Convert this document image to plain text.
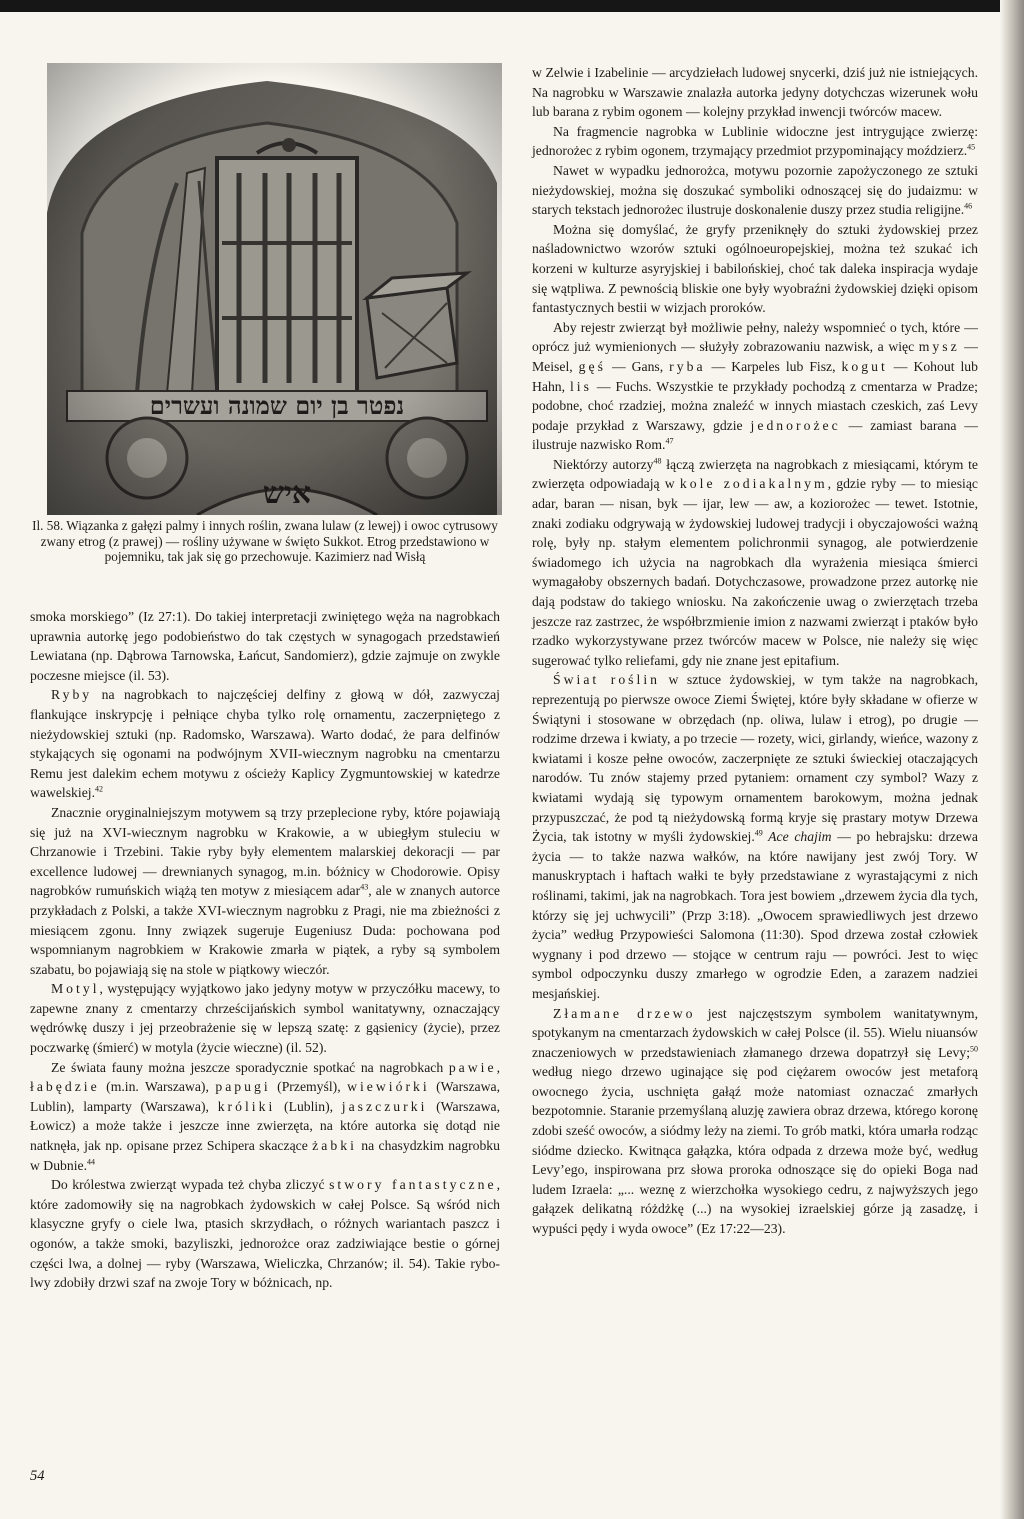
Il. 58. Wiązanka z gałęzi palmy i innych roślin, zwana lulaw (z lewej) i owoc cytrusowy zwany etrog (z prawej) — rośliny używane w święto Sukkot. Etrog przedstawiono w pojemniku, tak jak się go przechowuje. Kazimierz nad Wisłą

smoka morskiego” (Iz 27:1). Do takiej interpretacji zwiniętego węża na nagrobkach uprawnia autorkę jego podobieństwo do tak częstych w synagogach przedstawień Lewiatana (np. Dąbrowa Tarnowska, Łańcut, Sandomierz), gdzie zajmuje on zwykle poczesne miejsce (il. 53).

Ryby na nagrobkach to najczęściej delfiny z głową w dół, zazwyczaj flankujące inskrypcję i pełniące chyba tylko rolę ornamentu, zaczerpniętego z nieżydowskiej sztuki (np. Radomsko, Warszawa). Warto dodać, że para delfinów stykających się ogonami na podwójnym XVII-wiecznym nagrobku na cmentarzu Remu jest dalekim echem motywu z ościeży Kaplicy Zygmuntowskiej w katedrze wawelskiej.$^{42}$

Znacznie oryginalniejszym motywem są trzy przeplecione ryby, które pojawiają się już na XVI-wiecznym nagrobku w Krakowie, a w ubiegłym stuleciu w Chrzanowie i Trzebini. Takie ryby były elementem malarskiej dekoracji — par excellence ludowej — drewnianych synagog, m.in. bóżnicy w Chodorowie. Opisy nagrobków rumuńskich wiążą ten motyw z miesiącem adar$^{43}$, ale w znanych autorce przykładach z Polski, a także XVI-wiecznym nagrobku z Pragi, nie ma zbieżności z miesiącem zgonu. Inny związek sugeruje Eugeniusz Duda: pochowana pod wspomnianym nagrobkiem w Krakowie zmarła w piątek, a ryby są symbolem szabatu, bo pojawiają się na stole w piątkowy wieczór.

Motyl, występujący wyjątkowo jako jedyny motyw w przyczółku macewy, to zapewne znany z cmentarzy chrześcijańskich symbol wanitatywny, oznaczający wędrówkę duszy i jej przeobrażenie się w lepszą szatę: z gąsienicy (życie), przez poczwarkę (śmierć) w motyla (życie wieczne) (il. 52).

Ze świata fauny można jeszcze sporadycznie spotkać na nagrobkach pawie, łabędzie (m.in. Warszawa), papugi (Przemyśl), wiewiórki (Warszawa, Lublin), lamparty (Warszawa), króliki (Lublin), jaszczurki (Warszawa, Łowicz) a może także i jeszcze inne zwierzęta, na które autorka się dotąd nie natknęła, jak np. opisane przez Schipera skaczące żabki na chasydzkim nagrobku w Dubnie.$^{44}$

Do królestwa zwierząt wypada też chyba zliczyć stwory fantastyczne, które zadomowiły się na nagrobkach żydowskich w całej Polsce. Są wśród nich klasyczne gryfy o ciele lwa, ptasich skrzydłach, o różnych wariantach paszcz i ogonów, a także smoki, bazyliszki, jednorożce oraz zadziwiające bestie o górnej części lwa, a dolnej — ryby (Warszawa, Wieliczka, Chrzanów; il. 54). Takie rybo-lwy zdobiły drzwi szaf na zwoje Tory w bóżnicach, np.

w Zelwie i Izabelinie — arcydziełach ludowej snycerki, dziś już nie istniejących. Na nagrobku w Warszawie znalazła autorka jedyny dotychczas wizerunek wołu lub barana z rybim ogonem — kolejny przykład inwencji twórców macew.

Na fragmencie nagrobka w Lublinie widoczne jest intrygujące zwierzę: jednorożec z rybim ogonem, trzymający przedmiot przypominający moździerz.$^{45}$

Nawet w wypadku jednorożca, motywu pozornie zapożyczonego ze sztuki nieżydowskiej, można się doszukać symboliki odnoszącej się do judaizmu: w starych tekstach jednorożec ilustruje doskonalenie duszy przez studia religijne.$^{46}$

Można się domyślać, że gryfy przeniknęły do sztuki żydowskiej przez naśladownictwo wzorów sztuki ogólnoeuropejskiej, można też szukać ich korzeni w kulturze asyryjskiej i babilońskiej, choć tak daleka inspiracja wydaje się wątpliwa. Z pewnością bliskie one były wyobraźni żydowskiej dzięki opisom fantastycznych bestii w wizjach proroków.

Aby rejestr zwierząt był możliwie pełny, należy wspomnieć o tych, które — oprócz już wymienionych — służyły zobrazowaniu nazwisk, a więc mysz — Meisel, gęś — Gans, ryba — Karpeles lub Fisz, kogut — Kohout lub Hahn, lis — Fuchs. Wszystkie te przykłady pochodzą z cmentarza w Pradze; podobne, choć rzadziej, można znaleźć w innych miastach czeskich, zaś Levy podaje przykład z Warszawy, gdzie jednorożec — zamiast barana — ilustruje nazwisko Rom.$^{47}$

Niektórzy autorzy$^{48}$ łączą zwierzęta na nagrobkach z miesiącami, którym te zwierzęta odpowiadają w kole zodiakalnym, gdzie ryby — to miesiąc adar, baran — nisan, byk — ijar, lew — aw, a koziorożec — tewet. Istotnie, znaki zodiaku odgrywają w żydowskiej ludowej tradycji i obyczajowości ważną rolę, były np. stałym elementem polichronmii synagog, ale potwierdzenie świadomego ich użycia na nagrobkach dla wyrażenia miesiąca śmierci wymagałoby obszernych badań. Dotychczasowe, prowadzone przez autorkę nie dają podstaw do takiego wniosku. Na zakończenie uwag o zwierzętach trzeba jeszcze raz zastrzec, że współbrzmienie imion z nazwami zwierząt i ptaków było rzadko wykorzystywane przez twórców macew w Polsce, nie należy się więc sugerować tylko reliefami, gdy nie znane jest epitafium.

Świat roślin w sztuce żydowskiej, w tym także na nagrobkach, reprezentują po pierwsze owoce Ziemi Świętej, które były składane w ofierze w Świątyni i stosowane w obrzędach (np. oliwa, lulaw i etrog), po drugie — rodzime drzewa i kwiaty, a po trzecie — rozety, wici, girlandy, wieńce, wazony z kwiatami i kosze pełne owoców, zaczerpnięte ze sztuki świeckiej otaczających narodów. Tu znów stajemy przed pytaniem: ornament czy symbol? Wazy z kwiatami wydają się typowym ornamentem barokowym, można jednak przypuszczać, że pod tą nieżydowską formą kryje się prastary motyw Drzewa Życia, tak istotny w myśli żydowskiej.$^{49}$ Ace chajim — po hebrajsku: drzewa życia — to także nazwa wałków, na które nawijany jest zwój Tory. W manuskryptach i haftach wałki te były przedstawiane z wyrastającymi z nich roślinami, takimi, jak na nagrobkach. Tora jest bowiem „drzewem życia dla tych, którzy się jej uchwycili” (Przp 3:18). „Owocem sprawiedliwych jest drzewo życia” według Przypowieści Salomona (11:30). Spod drzewa został człowiek wygnany i pod drzewo — stojące w centrum raju — powróci. Jest to więc symbol odpoczynku duszy zmarłego w ogrodzie Eden, a zarazem nadziei mesjańskiej.

Złamane drzewo jest najczęstszym symbolem wanitatywnym, spotykanym na cmentarzach żydowskich w całej Polsce (il. 55). Wielu niuansów znaczeniowych w przedstawieniach złamanego drzewa dopatrzył się Levy;$^{50}$ według niego drzewo uginające się pod ciężarem owoców jest metaforą owocnego życia, uschnięta gałąź może natomiast oznaczać zmarłych bezpotomnie. Staranie przemyślaną aluzję zawiera obraz drzewa, którego koronę zdobi sześć owoców, a siódmy leży na ziemi. To grób matki, która umarła rodząc siódme dziecko. Kwitnąca gałązka, która odpada z drzewa może być, według Levy’ego, inspirowana prz słowa proroka odnoszące się do opieki Boga nad ludem Izraela: „... weznę z wierzchołka wysokiego cedru, z najwyższych jego gałązek delikatną różdżkę (...) na wysokiej izraelskiej górze ją zasadzę, i wypuści pędy i wyda owoce” (Ez 17:22—23).

54
